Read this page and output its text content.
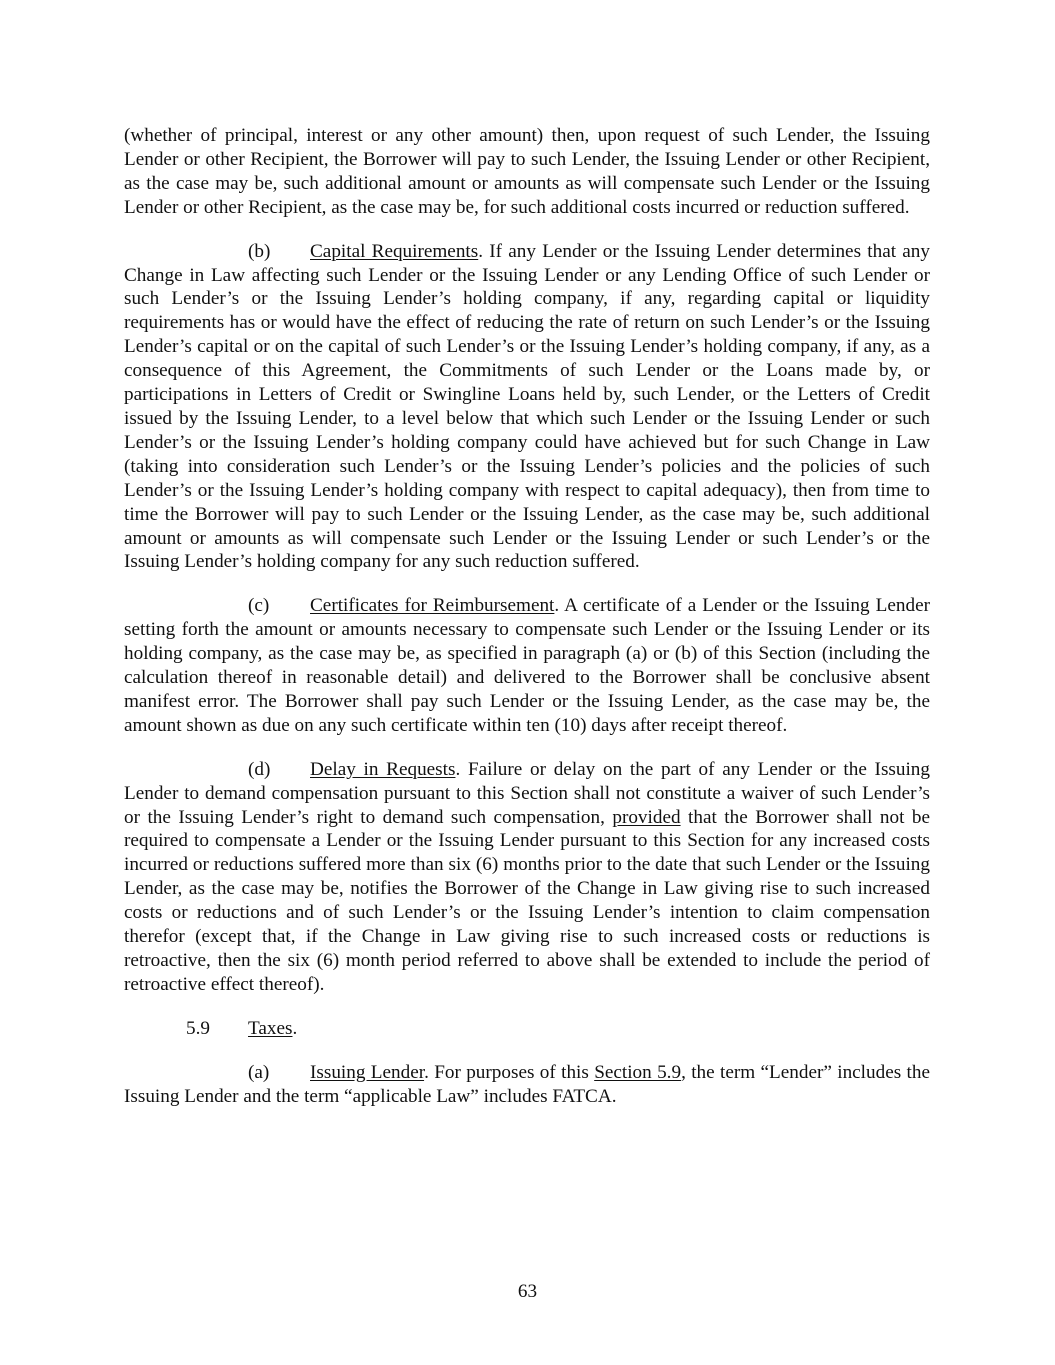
(whether of principal, interest or any other amount) then, upon request of such Lender, the Issuing Lender or other Recipient, the Borrower will pay to such Lender, the Issuing Lender or other Recipient, as the case may be, such additional amount or amounts as will compensate such Lender or the Issuing Lender or other Recipient, as the case may be, for such additional costs incurred or reduction suffered.

(b) Capital Requirements. If any Lender or the Issuing Lender determines that any Change in Law affecting such Lender or the Issuing Lender or any Lending Office of such Lender or such Lender’s or the Issuing Lender’s holding company, if any, regarding capital or liquidity requirements has or would have the effect of reducing the rate of return on such Lender’s or the Issuing Lender’s capital or on the capital of such Lender’s or the Issuing Lender’s holding company, if any, as a consequence of this Agreement, the Commitments of such Lender or the Loans made by, or participations in Letters of Credit or Swingline Loans held by, such Lender, or the Letters of Credit issued by the Issuing Lender, to a level below that which such Lender or the Issuing Lender or such Lender’s or the Issuing Lender’s holding company could have achieved but for such Change in Law (taking into consideration such Lender’s or the Issuing Lender’s policies and the policies of such Lender’s or the Issuing Lender’s holding company with respect to capital adequacy), then from time to time the Borrower will pay to such Lender or the Issuing Lender, as the case may be, such additional amount or amounts as will compensate such Lender or the Issuing Lender or such Lender’s or the Issuing Lender’s holding company for any such reduction suffered.

(c) Certificates for Reimbursement. A certificate of a Lender or the Issuing Lender setting forth the amount or amounts necessary to compensate such Lender or the Issuing Lender or its holding company, as the case may be, as specified in paragraph (a) or (b) of this Section (including the calculation thereof in reasonable detail) and delivered to the Borrower shall be conclusive absent manifest error. The Borrower shall pay such Lender or the Issuing Lender, as the case may be, the amount shown as due on any such certificate within ten (10) days after receipt thereof.

(d) Delay in Requests. Failure or delay on the part of any Lender or the Issuing Lender to demand compensation pursuant to this Section shall not constitute a waiver of such Lender’s or the Issuing Lender’s right to demand such compensation, provided that the Borrower shall not be required to compensate a Lender or the Issuing Lender pursuant to this Section for any increased costs incurred or reductions suffered more than six (6) months prior to the date that such Lender or the Issuing Lender, as the case may be, notifies the Borrower of the Change in Law giving rise to such increased costs or reductions and of such Lender’s or the Issuing Lender’s intention to claim compensation therefor (except that, if the Change in Law giving rise to such increased costs or reductions is retroactive, then the six (6) month period referred to above shall be extended to include the period of retroactive effect thereof).

5.9 Taxes.

(a) Issuing Lender. For purposes of this Section 5.9, the term “Lender” includes the Issuing Lender and the term “applicable Law” includes FATCA.

63
